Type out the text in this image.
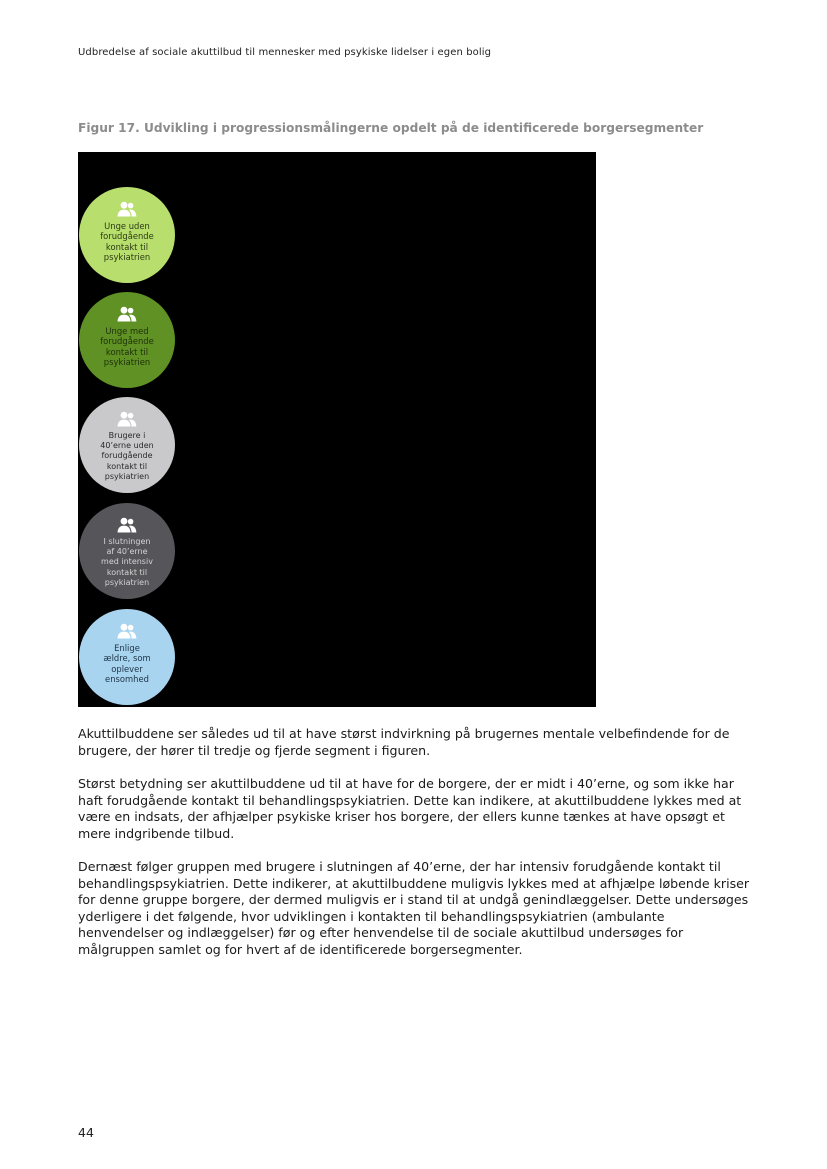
Udbredelse af sociale akuttilbud til mennesker med psykiske lidelser i egen bolig
Figur 17. Udvikling i progressionsmålingerne opdelt på de identificerede borgersegmenter
Unge uden
forudgående
kontakt til
psykiatrien
Unge med
forudgående
kontakt til
psykiatrien
Brugere i
40’erne uden
forudgående
kontakt til
psykiatrien
I slutningen
af 40’erne
med intensiv
kontakt til
psykiatrien
Enlige
ældre, som
oplever
ensomhed

Akuttilbuddene ser således ud til at have størst indvirkning på brugernes mentale velbefindende for de brugere, der hører til tredje og fjerde segment i figuren.

Størst betydning ser akuttilbuddene ud til at have for de borgere, der er midt i 40’erne, og som ikke har haft forudgående kontakt til behandlingspsykiatrien. Dette kan indikere, at akuttilbuddene lykkes med at være en indsats, der afhjælper psykiske kriser hos borgere, der ellers kunne tænkes at have opsøgt et mere indgribende tilbud.

Dernæst følger gruppen med brugere i slutningen af 40’erne, der har intensiv forudgående kontakt til behandlingspsykiatrien. Dette indikerer, at akuttilbuddene muligvis lykkes med at afhjælpe løbende kriser for denne gruppe borgere, der dermed muligvis er i stand til at undgå genindlæggelser. Dette undersøges yderligere i det følgende, hvor udviklingen i kontakten til behandlingspsykiatrien (ambulante henvendelser og indlæggelser) før og efter henvendelse til de sociale akuttilbud undersøges for målgruppen samlet og for hvert af de identificerede borgersegmenter.

44
